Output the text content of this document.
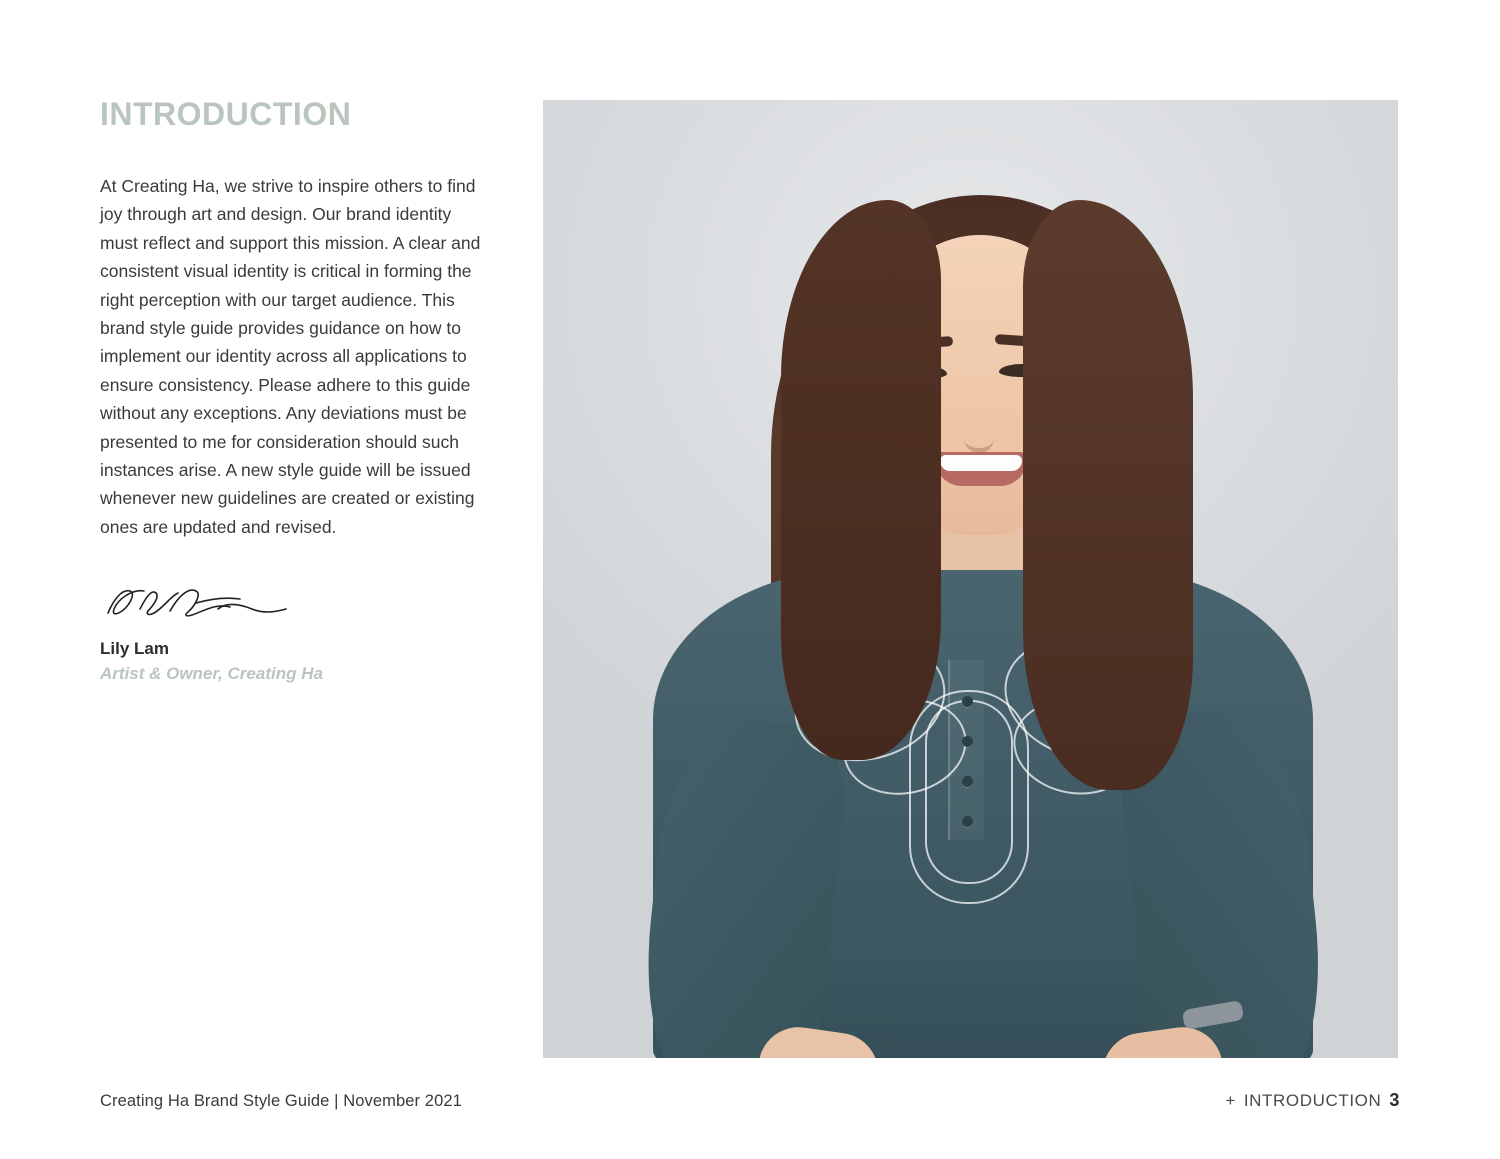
INTRODUCTION

At Creating Ha, we strive to inspire others to find joy through art and design. Our brand identity must reflect and support this mission. A clear and consistent visual identity is critical in forming the right perception with our target audience. This brand style guide provides guidance on how to implement our identity across all applications to ensure consistency. Please adhere to this guide without any exceptions. Any deviations must be presented to me for consideration should such instances arise. A new style guide will be issued whenever new guidelines are created or existing ones are updated and revised.

Lily Lam

Artist & Owner, Creating Ha

Creating Ha Brand Style Guide | November 2021	+ INTRODUCTION 3
